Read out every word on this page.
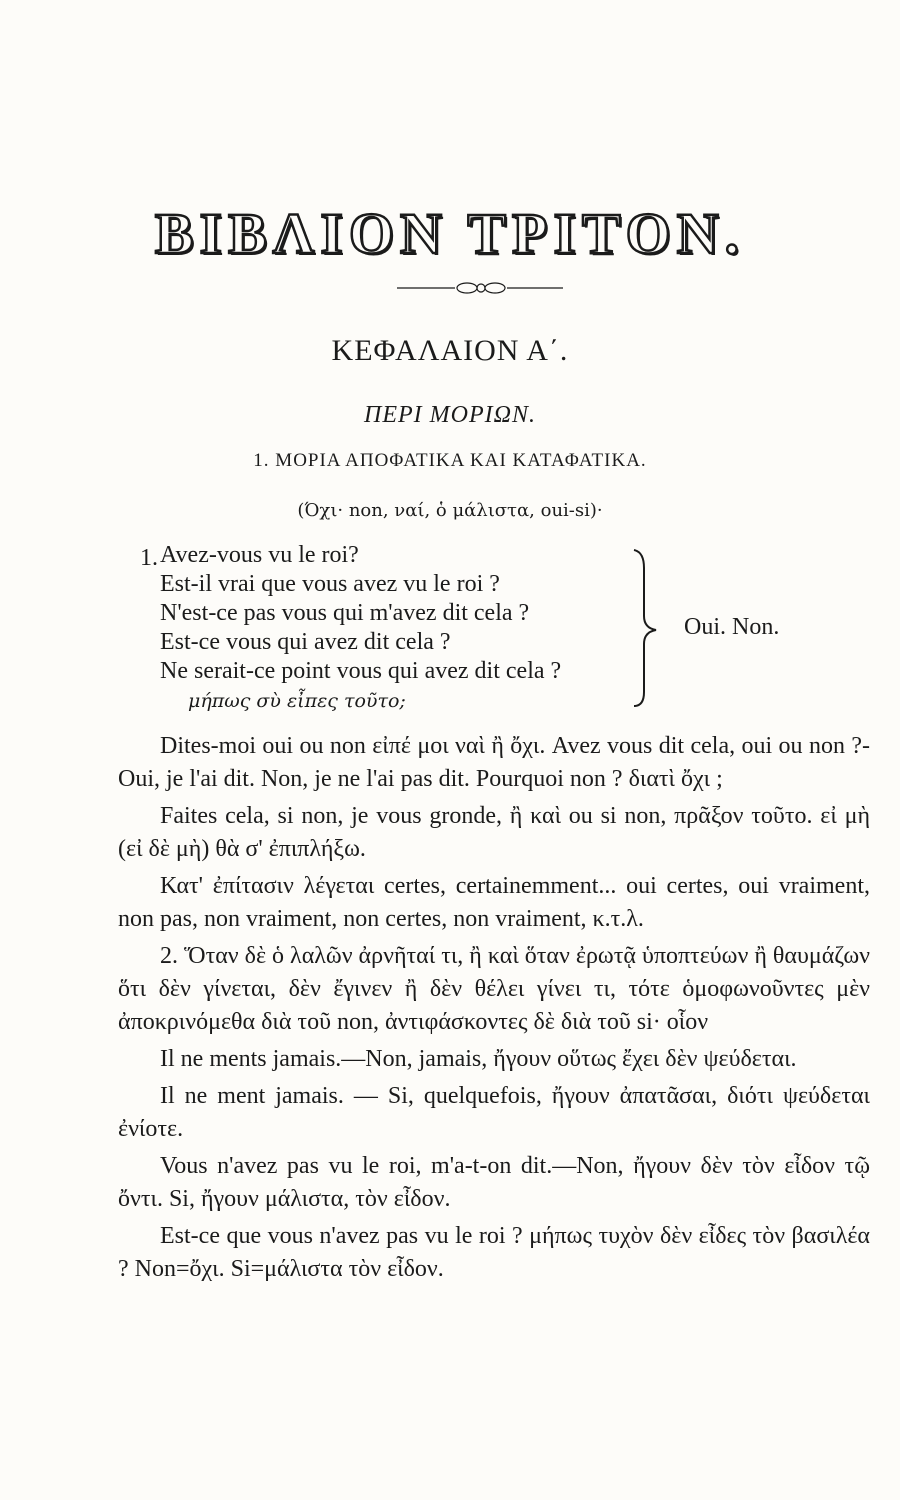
ΒΙΒΛΙΟΝ ΤΡΙΤΟΝ.
ΚΕΦΑΛΑΙΟΝ Α΄.
ΠΕΡΙ ΜΟΡΙΩΝ.
1. ΜΟΡΙΑ ΑΠΟΦΑΤΙΚΑ ΚΑΙ ΚΑΤΑΦΑΤΙΚΑ.
(Όχι· non, ναί, ὁ μάλιστα, oui-si)·
1. Avez-vous vu le roi?
Est-il vrai que vous avez vu le roi ?
N'est-ce pas vous qui m'avez dit cela ?
Est-ce vous qui avez dit cela ?
Ne serait-ce point vous qui avez dit cela ?
μήπως σὺ εἶπες τοῦτο;
Oui. Non.

Dites-moi oui ou non εἰπέ μοι ναὶ ἢ ὄχι. Avez vous dit cela, oui ou non ?-Oui, je l'ai dit. Non, je ne l'ai pas dit. Pourquoi non ? διατὶ ὄχι ;

Faites cela, si non, je vous gronde, ἢ καὶ ou si non, πρᾶξον τοῦτο. εἰ μὴ (εἰ δὲ μὴ) θὰ σ' ἐπιπλήξω.

Κατ' ἐπίτασιν λέγεται certes, certainemment... oui certes, oui vraiment, non pas, non vraiment, non certes, non vraiment, κ.τ.λ.

2. Ὅταν δὲ ὁ λαλῶν ἀρνῆταί τι, ἢ καὶ ὅταν ἐρωτᾷ ὑποπτεύων ἢ θαυμάζων ὅτι δὲν γίνεται, δὲν ἔγινεν ἢ δὲν θέλει γίνει τι, τότε ὁμοφωνοῦντες μὲν ἀποκρινόμεθα διὰ τοῦ non, ἀντιφάσκοντες δὲ διὰ τοῦ si· οἷον

Il ne ments jamais.—Non, jamais, ἤγουν οὕτως ἔχει δὲν ψεύδεται.

Il ne ment jamais. — Si, quelquefois, ἤγουν ἀπατᾶσαι, διότι ψεύδεται ἐνίοτε.

Vous n'avez pas vu le roi, m'a-t-on dit.—Non, ἤγουν δὲν τὸν εἶδον τῷ ὄντι. Si, ἤγουν μάλιστα, τὸν εἶδον.

Est-ce que vous n'avez pas vu le roi ? μήπως τυχὸν δὲν εἶδες τὸν βασιλέα ? Non=ὄχι. Si=μάλιστα τὸν εἶδον.
